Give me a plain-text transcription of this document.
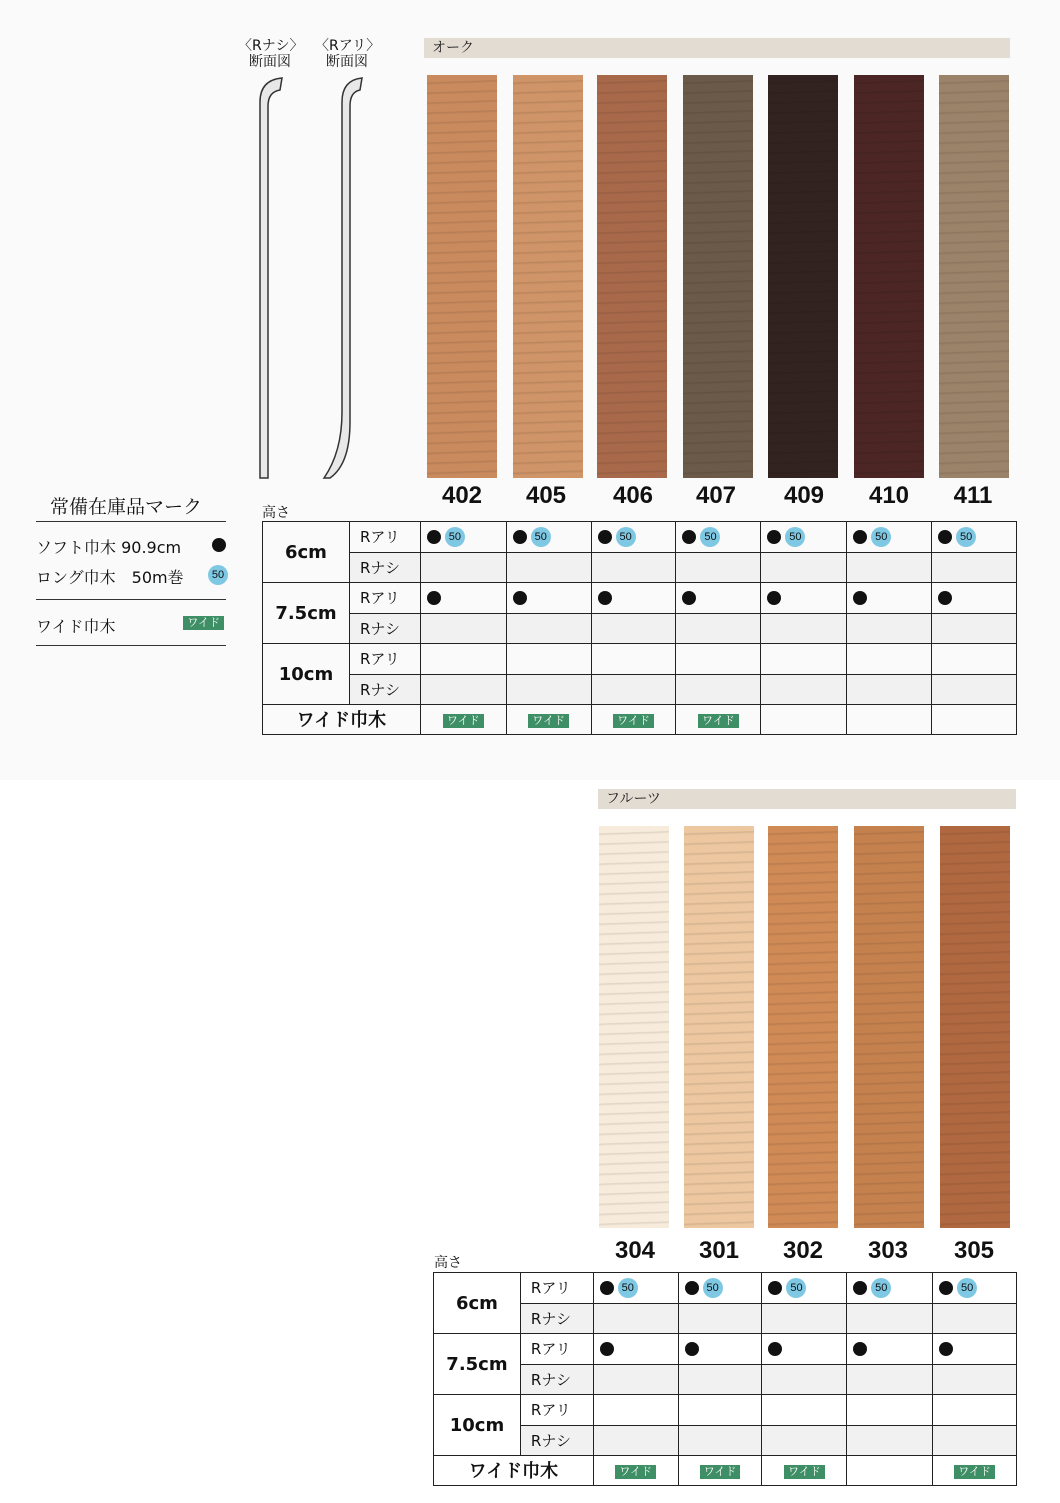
〈Rナシ〉
断面図
〈Rアリ〉
断面図
オーク
402	405	406	407	409	410	411
常備在庫品マーク
ソフト巾木 90.9cm
ロング巾木　50m巻	50
ワイド巾木	ワイド
高さ
6cm	Rアリ	50	50	50	50	50	50	50
	Rナシ							
7.5cm	Rアリ							
	Rナシ							
10cm	Rアリ							
	Rナシ							
ワイド巾木		ワイド	ワイド	ワイド	ワイド			
フルーツ
304	301	302	303	305
高さ
6cm	Rアリ	50	50	50	50	50
	Rナシ					
7.5cm	Rアリ					
	Rナシ					
10cm	Rアリ					
	Rナシ					
ワイド巾木		ワイド	ワイド	ワイド		ワイド
